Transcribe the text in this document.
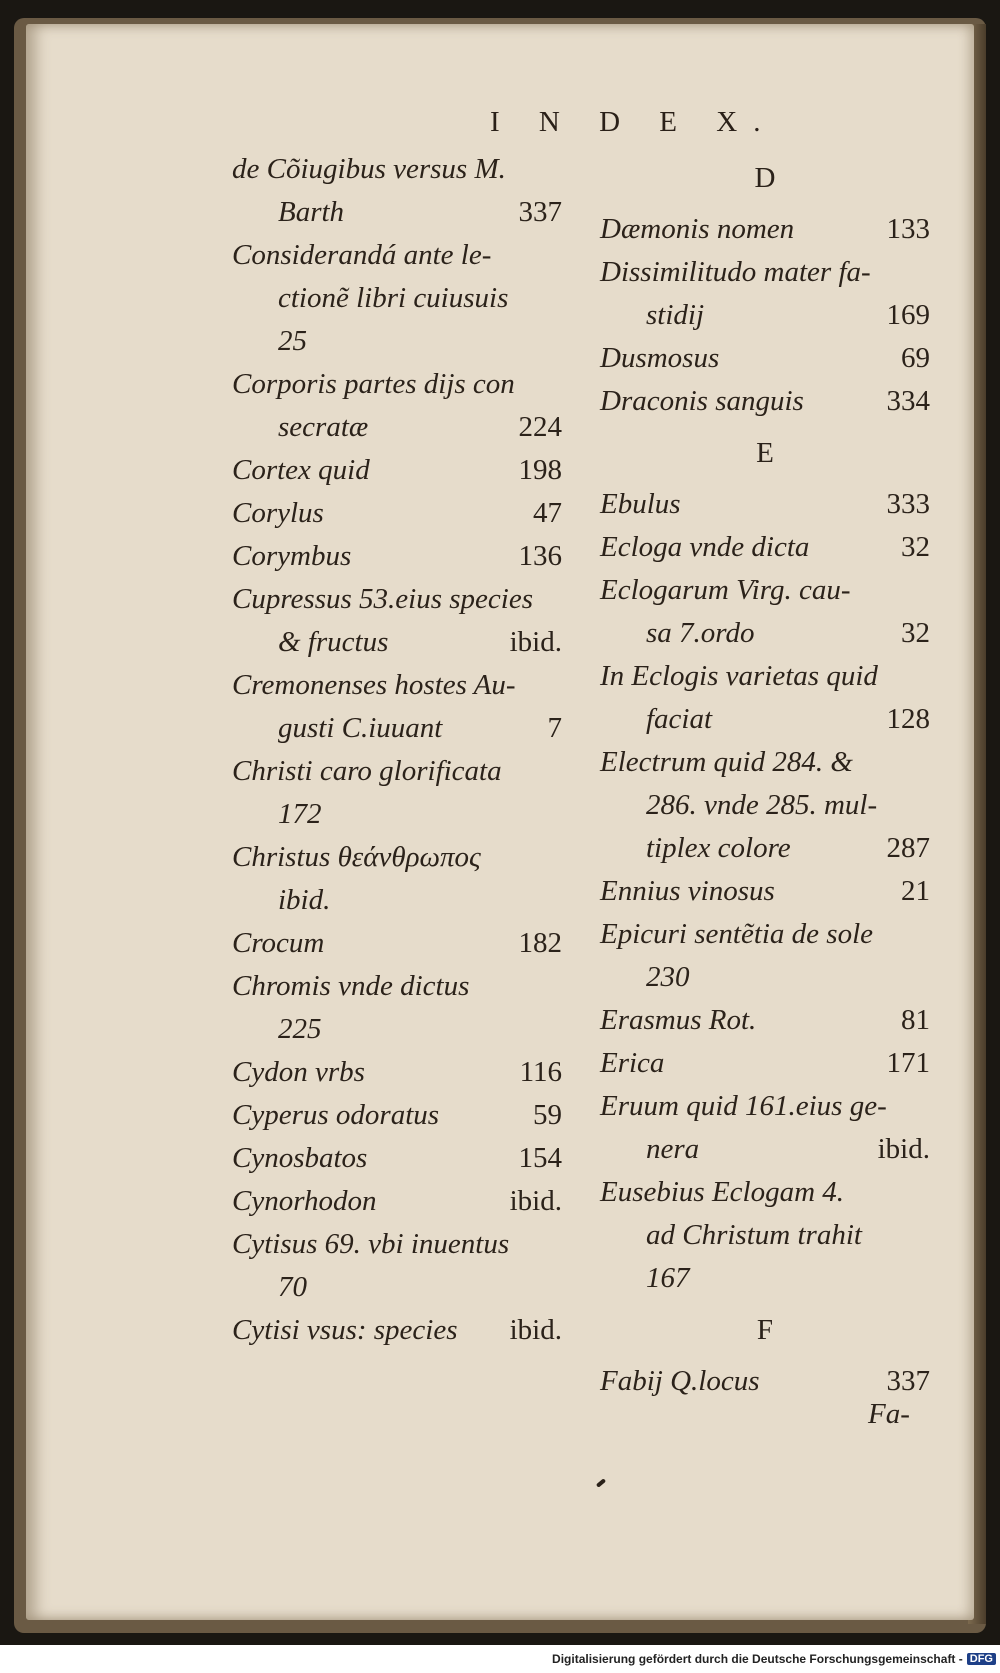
I N D E X.
de Cõiugibus versus M.
Barth	337
Considerandá ante le-
ctionẽ libri cuiusuis
25
Corporis partes dijs con
secratæ	224
Cortex quid	198
Corylus	47
Corymbus	136
Cupressus 53.eius species
& fructus	ibid.
Cremonenses hostes Au-
gusti C.iuuant	7
Christi caro glorificata
172
Christus θεάνθρωπος
ibid.
Crocum	182
Chromis vnde dictus
225
Cydon vrbs	116
Cyperus odoratus	59
Cynosbatos	154
Cynorhodon	ibid.
Cytisus 69. vbi inuentus
70
Cytisi vsus: species ibid.
D
Dæmonis nomen	133
Dissimilitudo mater fa-
stidij	169
Dusmosus	69
Draconis sanguis	334
E
Ebulus	333
Ecloga vnde dicta	32
Eclogarum Virg. cau-
sa 7.ordo	32
In Eclogis varietas quid
faciat	128
Electrum quid 284. &
286. vnde 285. mul-
tiplex colore	287
Ennius vinosus	21
Epicuri sentẽtia de sole
230
Erasmus Rot.	81
Erica	171
Eruum quid 161.eius ge-
nera	ibid.
Eusebius Eclogam 4.
ad Christum trahit
167
F
Fabij Q.locus	337
Fa-
Digitalisierung gefördert durch die Deutsche Forschungsgemeinschaft - DFG
